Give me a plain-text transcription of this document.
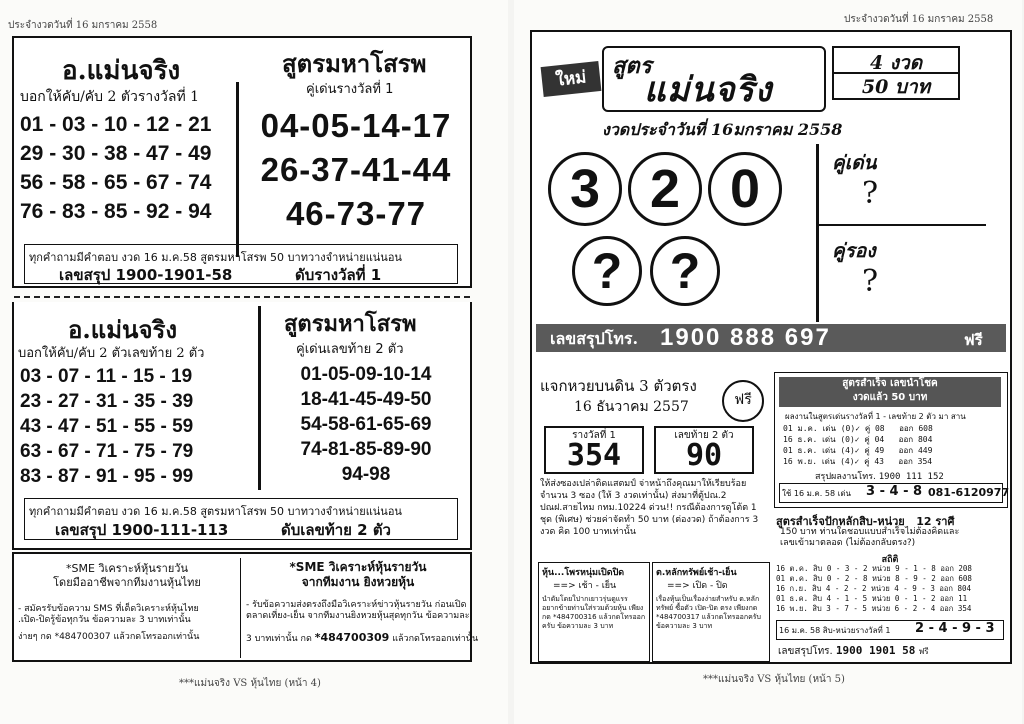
ประจำงวดวันที่ 16 มกราคม 2558
อ.แม่นจริง
บอกให้คับ/คับ 2 ตัวรางวัลที่ 1
01 - 03 - 10 - 12 - 21
29 - 30 - 38 - 47 - 49
56 - 58 - 65 - 67 - 74
76 - 83 - 85 - 92 - 94
สูตรมหาโสรพ
คู่เด่นรางวัลที่ 1
04-05-14-17
26-37-41-44
46-73-77
ทุกคำถามมีคำตอบ งวด 16 ม.ค.58 สูตรมหาโสรพ 50 บาทวางจำหน่ายแน่นอน
เลขสรุป 1900-1901-58	ดับรางวัลที่ 1
อ.แม่นจริง
บอกให้คับ/คับ 2 ตัวเลขท้าย 2 ตัว
03 - 07 - 11 - 15 - 19
23 - 27 - 31 - 35 - 39
43 - 47 - 51 - 55 - 59
63 - 67 - 71 - 75 - 79
83 - 87 - 91 - 95 - 99
สูตรมหาโสรพ
คู่เด่นเลขท้าย 2 ตัว
01-05-09-10-14
18-41-45-49-50
54-58-61-65-69
74-81-85-89-90
94-98
ทุกคำถามมีคำตอบ งวด 16 ม.ค.58 สูตรมหาโสรพ 50 บาทวางจำหน่ายแน่นอน
เลขสรุป 1900-111-113	ดับเลขท้าย 2 ตัว
*SME วิเคราะห์หุ้นรายวัน
โดยมืออาชีพจากทีมงานหุ้นไทย
- สมัครรับข้อความ SMS ที่เด็ดวิเคราะห์หุ้นไทย
.เปิด-ปิดรู้ข้อทุกวัน ข้อความละ 3 บาทเท่านั้น
ง่ายๆ กด *484700307 แล้วกดโทรออกเท่านั้น
*SME วิเคราะห์หุ้นรายวัน
จากทีมงาน ยิงหวยหุ้น
- รับข้อความส่งตรงถึงมือวิเคราะห์ข่าวหุ้นรายวัน ก่อนเปิด
ตลาดเที่ยง-เย็น จากทีมงานยิงหวยหุ้นสุดทุกวัน ข้อความละ
3 บาทเท่านั้น กด *484700309 แล้วกดโทรออกเท่านั้น
***แม่นจริง VS หุ้นไทย (หน้า 4)
ประจำงวดวันที่ 16 มกราคม 2558
ใหม่	สูตร
แม่นจริง
4 งวด
50 บาท
งวดประจำวันที่ 16มกราคม 2558
3 2 0
? ?
คู่เด่น
?
คู่รอง
?
เลขสรุปโทร. 1900 888 697	ฟรี
แจกหวยบนดิน 3 ตัวตรง
ฟรี
16 ธันวาคม 2557
รางวัลที่ 1
354
เลขท้าย 2 ตัว
90
ให้ส่งซองเปล่าติดแสตมป์ จ่าหน้าถึงคุณมาให้เรียบร้อย จำนวน 3 ซอง (ให้ 3 งวดเท่านั้น) ส่งมาที่ตู้ปณ.2 ปณฝ.สายไหม กทม.10224 ด่วน!! กรณีต้องการดูโต้ต 1 ชุด (พิเศษ) ช่วยค่าจัดทำ 50 บาท (ต่องวด) ถ้าต้องการ 3 งวด คิด 100 บาทเท่านั้น
สูตรสำเร็จ เลขนำโชค
งวดแล้ว 50 บาท
ผลงานในสูตรเด่นรางวัลที่ 1 - เลขท้าย 2 ตัว มา สาน
01 ม.ค. เด่น (0)✓ คู่ 08   ออก 608
16 ธ.ค. เด่น (0)✓ คู่ 04   ออก 804
01 ธ.ค. เด่น (4)✓ คู่ 49   ออก 449
16 พ.ย. เด่น (4)✓ คู่ 43   ออก 354
สรุปผลงานโทร. 1900 111 152
ใช้ 16 ม.ค. 58 เด่น 3 - 4 - 8 081-6120977
สูตรสำเร็จปักหลักสิบ-หน่วย 12 ราศี
150 บาท ท่านใดชอบแบบสำเร็จไม่ต้องคิดและ
เลขเข้ามาตลอด (ไม่ต้องกลับตรง?)
สถิติ
16 ต.ค. สิบ 0 - 3 - 2 หน่วย 9 - 1 - 8 ออก 208
01 ต.ค. สิบ 0 - 2 - 8 หน่วย 8 - 9 - 2 ออก 608
16 ก.ย. สิบ 4 - 2 - 2 หน่วย 4 - 9 - 3 ออก 804
01 ธ.ค. สิบ 4 - 1 - 5 หน่วย 0 - 1 - 2 ออก 11
16 พ.ย. สิบ 3 - 7 - 5 หน่วย 6 - 2 - 4 ออก 354
16 ม.ค. 58 สิบ-หน่วยรางวัลที่ 1 2 - 4 - 9 - 3
เลขสรุปโทร. 1900 1901 58 ฟรี
หุ้น...โพรหนุ่มเปิดปิด
==> เช้า - เย็น
นำดัมโดยใปากเยาวรุ่นดูแรร อยากข้ายท่านใส่รวมด้วยหุ้น เพียงกด *484700316 แล้วกดโทรออกครับ ข้อความละ 3 บาท
ต.หลักทรัพย์เช้า-เย็น
==> เปิด - ปิด
เรื่องหุ้นเป็นเรื่องง่ายสำหรับ ต.หลักทรัพย์ ซื้อตัว เปิด-ปิด ตรง เพียงกด *484700317 แล้วกดโทรออกครับ ข้อความละ 3 บาท
***แม่นจริง VS หุ้นไทย (หน้า 5)
